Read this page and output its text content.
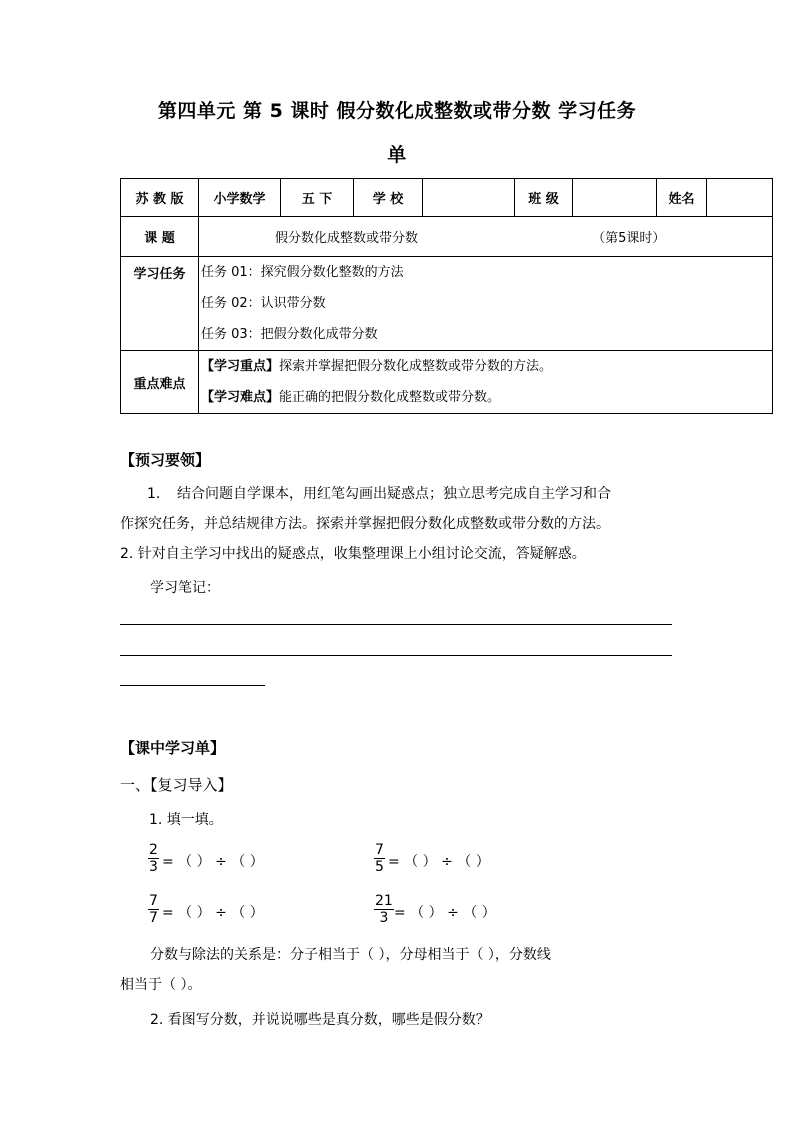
第四单元 第 5 课时 假分数化成整数或带分数 学习任务
单
苏 教 版	小学数学	五 下	学 校		班 级		姓名	
课 题	假分数化成整数或带分数 （第5课时）							
学习任务	任务 01：探究假分数化整数的方法
任务 02：认识带分数
任务 03：把假分数化成带分数							

重点难点	【学习重点】探索并掌握把假分数化成整数或带分数的方法。
【学习难点】能正确的把假分数化成整数或带分数。							
【预习要领】
1. 结合问题自学课本，用红笔勾画出疑惑点；独立思考完成自主学习和合
作探究任务，并总结规律方法。探索并掌握把假分数化成整数或带分数的方法。
2. 针对自主学习中找出的疑惑点，收集整理课上小组讨论交流，答疑解惑。
学习笔记：
【课中学习单】
一、【复习导入】
1. 填一填。
$\frac{2}{3}$ = （ ） ÷ （ ）	$\frac{7}{5}$ = （ ） ÷ （ ）
$\frac{7}{7}$ = （ ） ÷ （ ）	$\frac{21}{3}$ = （ ） ÷ （ ）
分数与除法的关系是：分子相当于（ ），分母相当于（ ），分数线
相当于（ ）。
2. 看图写分数，并说说哪些是真分数，哪些是假分数？
